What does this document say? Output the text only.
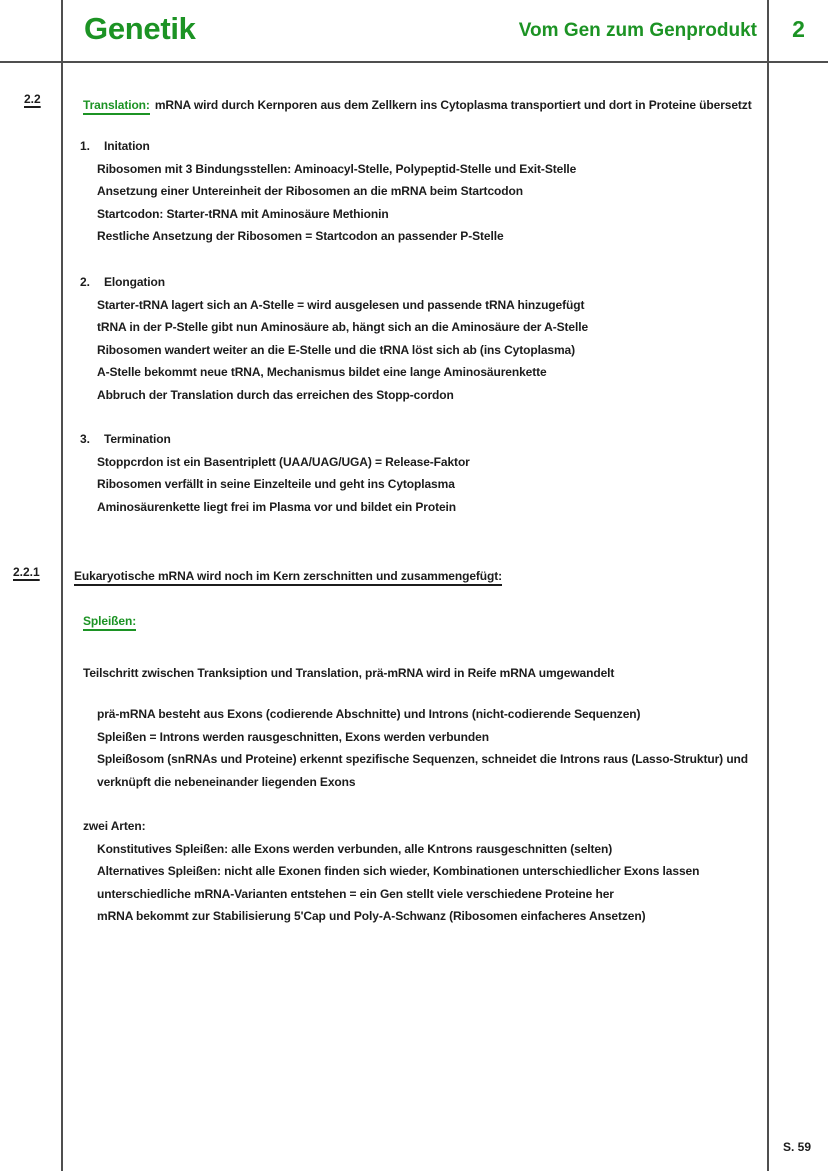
Genetik	Vom Gen zum Genprodukt	2
2.2	Translation: mRNA wird durch Kernporen aus dem Zellkern ins Cytoplasma transportiert und dort in Proteine übersetzt
1.	Initation
Ribosomen mit 3 Bindungsstellen: Aminoacyl-Stelle, Polypeptid-Stelle und Exit-Stelle
Ansetzung einer Untereinheit der Ribosomen an die mRNA beim Startcodon
Startcodon: Starter-tRNA mit Aminosäure Methionin
Restliche Ansetzung der Ribosomen = Startcodon an passender P-Stelle
2.	Elongation
Starter-tRNA lagert sich an A-Stelle = wird ausgelesen und passende tRNA hinzugefügt
tRNA in der P-Stelle gibt nun Aminosäure ab, hängt sich an die Aminosäure der A-Stelle
Ribosomen wandert weiter an die E-Stelle und die tRNA löst sich ab (ins Cytoplasma)
A-Stelle bekommt neue tRNA, Mechanismus bildet eine lange Aminosäurenkette
Abbruch der Translation durch das erreichen des Stopp-cordon
3.	Termination
Stoppcrdon ist ein Basentriplett (UAA/UAG/UGA) = Release-Faktor
Ribosomen verfällt in seine Einzelteile und geht ins Cytoplasma
Aminosäurenkette liegt frei im Plasma vor und bildet ein Protein
2.2.1	Eukaryotische mRNA wird noch im Kern zerschnitten und zusammengefügt:
Spleißen:
Teilschritt zwischen Tranksiption und Translation, prä-mRNA wird in Reife mRNA umgewandelt
prä-mRNA besteht aus Exons (codierende Abschnitte) und Introns (nicht-codierende Sequenzen)
Spleißen = Introns werden rausgeschnitten, Exons werden verbunden
Spleißosom (snRNAs und Proteine) erkennt spezifische Sequenzen, schneidet die Introns raus (Lasso-Struktur) und verknüpft die nebeneinander liegenden Exons
zwei Arten:
Konstitutives Spleißen: alle Exons werden verbunden, alle Kntrons rausgeschnitten (selten)
Alternatives Spleißen: nicht alle Exonen finden sich wieder, Kombinationen unterschiedlicher Exons lassen unterschiedliche mRNA-Varianten entstehen = ein Gen stellt viele verschiedene Proteine her
mRNA bekommt zur Stabilisierung 5'Cap und Poly-A-Schwanz (Ribosomen einfacheres Ansetzen)
S. 59
